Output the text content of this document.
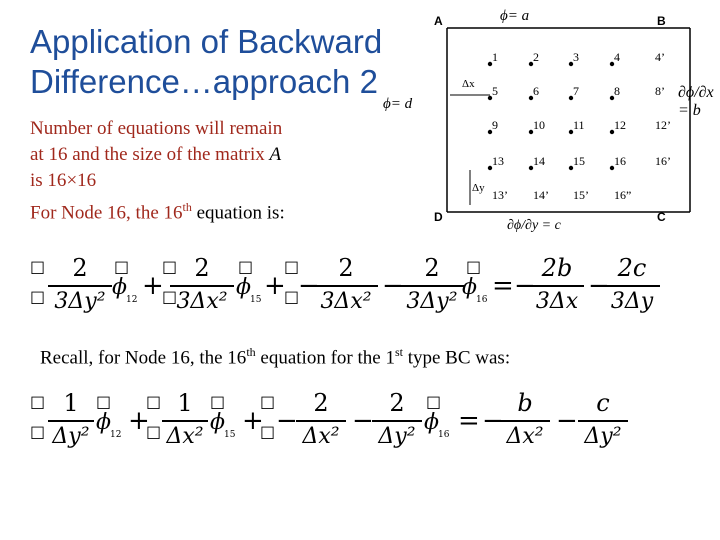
Application of Backward
Difference…approach 2
Number of equations will remain
at 16 and the size of the matrix A
is 16×16
For Node 16, the 16th equation is:
ϕ= a
ϕ= d
A	B
C
D
Δx
Δy
∂ϕ/∂x = b
∂ϕ/∂y = c
1	2	3	4	4’
5	6	7	8	8’
9	10 11 12 12’
13 14 15 16 16’
13’ 14’ 15’ 16”
□
□
2
3Δy²
□
ϕ 12 +
□
□
2
3Δx²
□
ϕ 15 +
□
□
−
2
3Δx²
−
2
3Δy²
□
ϕ 16 = −
2b
3Δx
−
2c
3Δy
Recall, for Node 16, the 16th equation for the 1st type BC was:
□
□
1
Δy²
□
ϕ 12 +
□
□
1
Δx²
□
ϕ 15 +
□
□ −
2
Δx²
−
2
Δy²
□
ϕ 16 = −
b
Δx²
−
c
Δy²
